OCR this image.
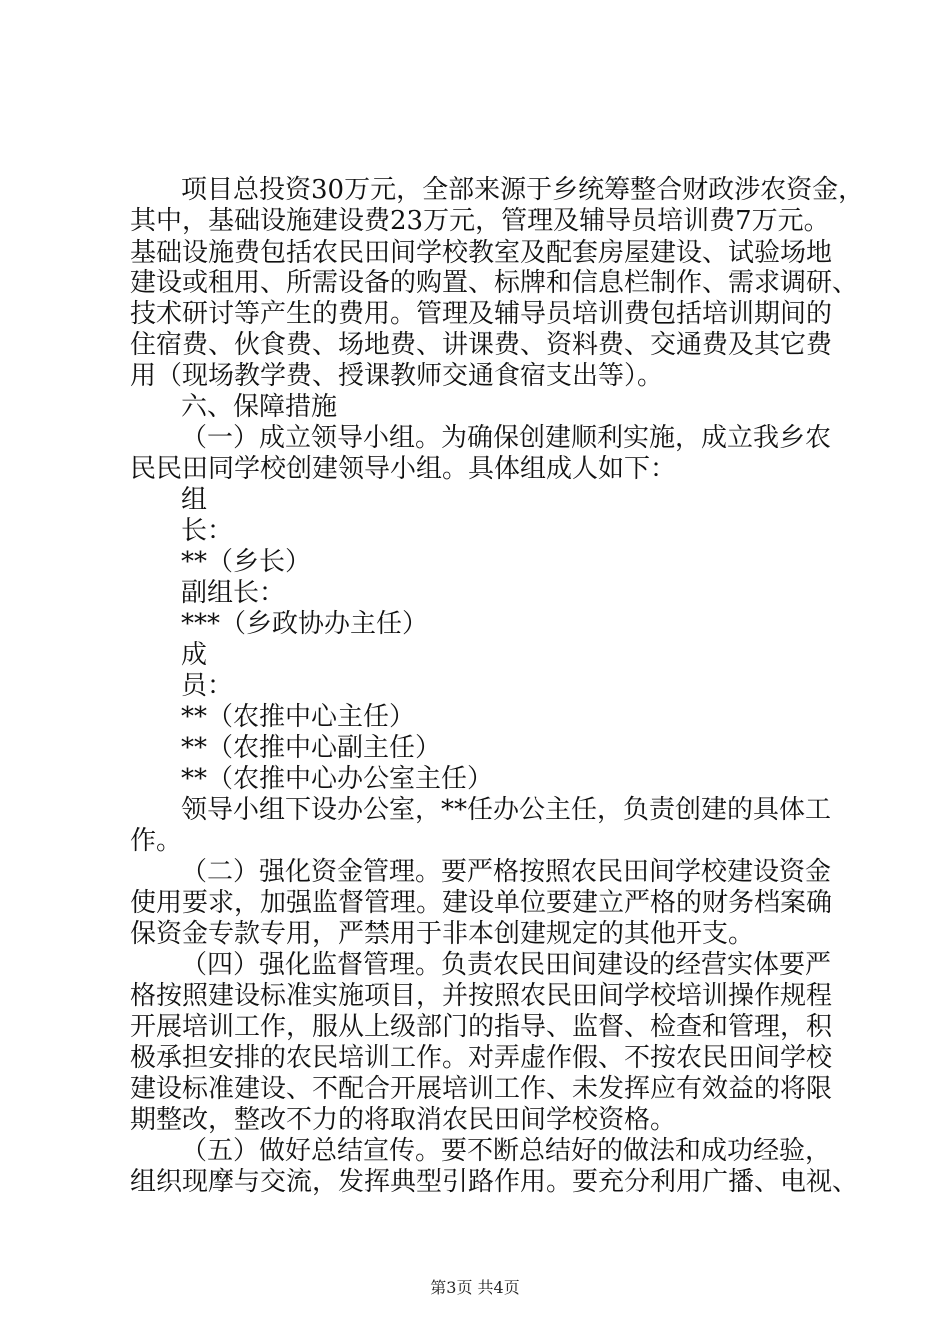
项目总投资30万元，全部来源于乡统筹整合财政涉农资金，
其中，基础设施建设费23万元，管理及辅导员培训费7万元。
基础设施费包括农民田间学校教室及配套房屋建设、试验场地
建设或租用、所需设备的购置、标牌和信息栏制作、需求调研、
技术研讨等产生的费用。管理及辅导员培训费包括培训期间的
住宿费、伙食费、场地费、讲课费、资料费、交通费及其它费
用（现场教学费、授课教师交通食宿支出等）。
六、保障措施
（一）成立领导小组。为确保创建顺利实施，成立我乡农
民民田同学校创建领导小组。具体组成人如下：
组
长：
**（乡长）
副组长：
***（乡政协办主任）
成
员：
**（农推中心主任）
**（农推中心副主任）
**（农推中心办公室主任）
领导小组下设办公室，**任办公主任，负责创建的具体工
作。
（二）强化资金管理。要严格按照农民田间学校建设资金
使用要求，加强监督管理。建设单位要建立严格的财务档案确
保资金专款专用，严禁用于非本创建规定的其他开支。
（四）强化监督管理。负责农民田间建设的经营实体要严
格按照建设标准实施项目，并按照农民田间学校培训操作规程
开展培训工作，服从上级部门的指导、监督、检查和管理，积
极承担安排的农民培训工作。对弄虚作假、不按农民田间学校
建设标准建设、不配合开展培训工作、未发挥应有效益的将限
期整改，整改不力的将取消农民田间学校资格。
（五）做好总结宣传。要不断总结好的做法和成功经验，
组织现摩与交流，发挥典型引路作用。要充分利用广播、电视、
第3页 共4页
